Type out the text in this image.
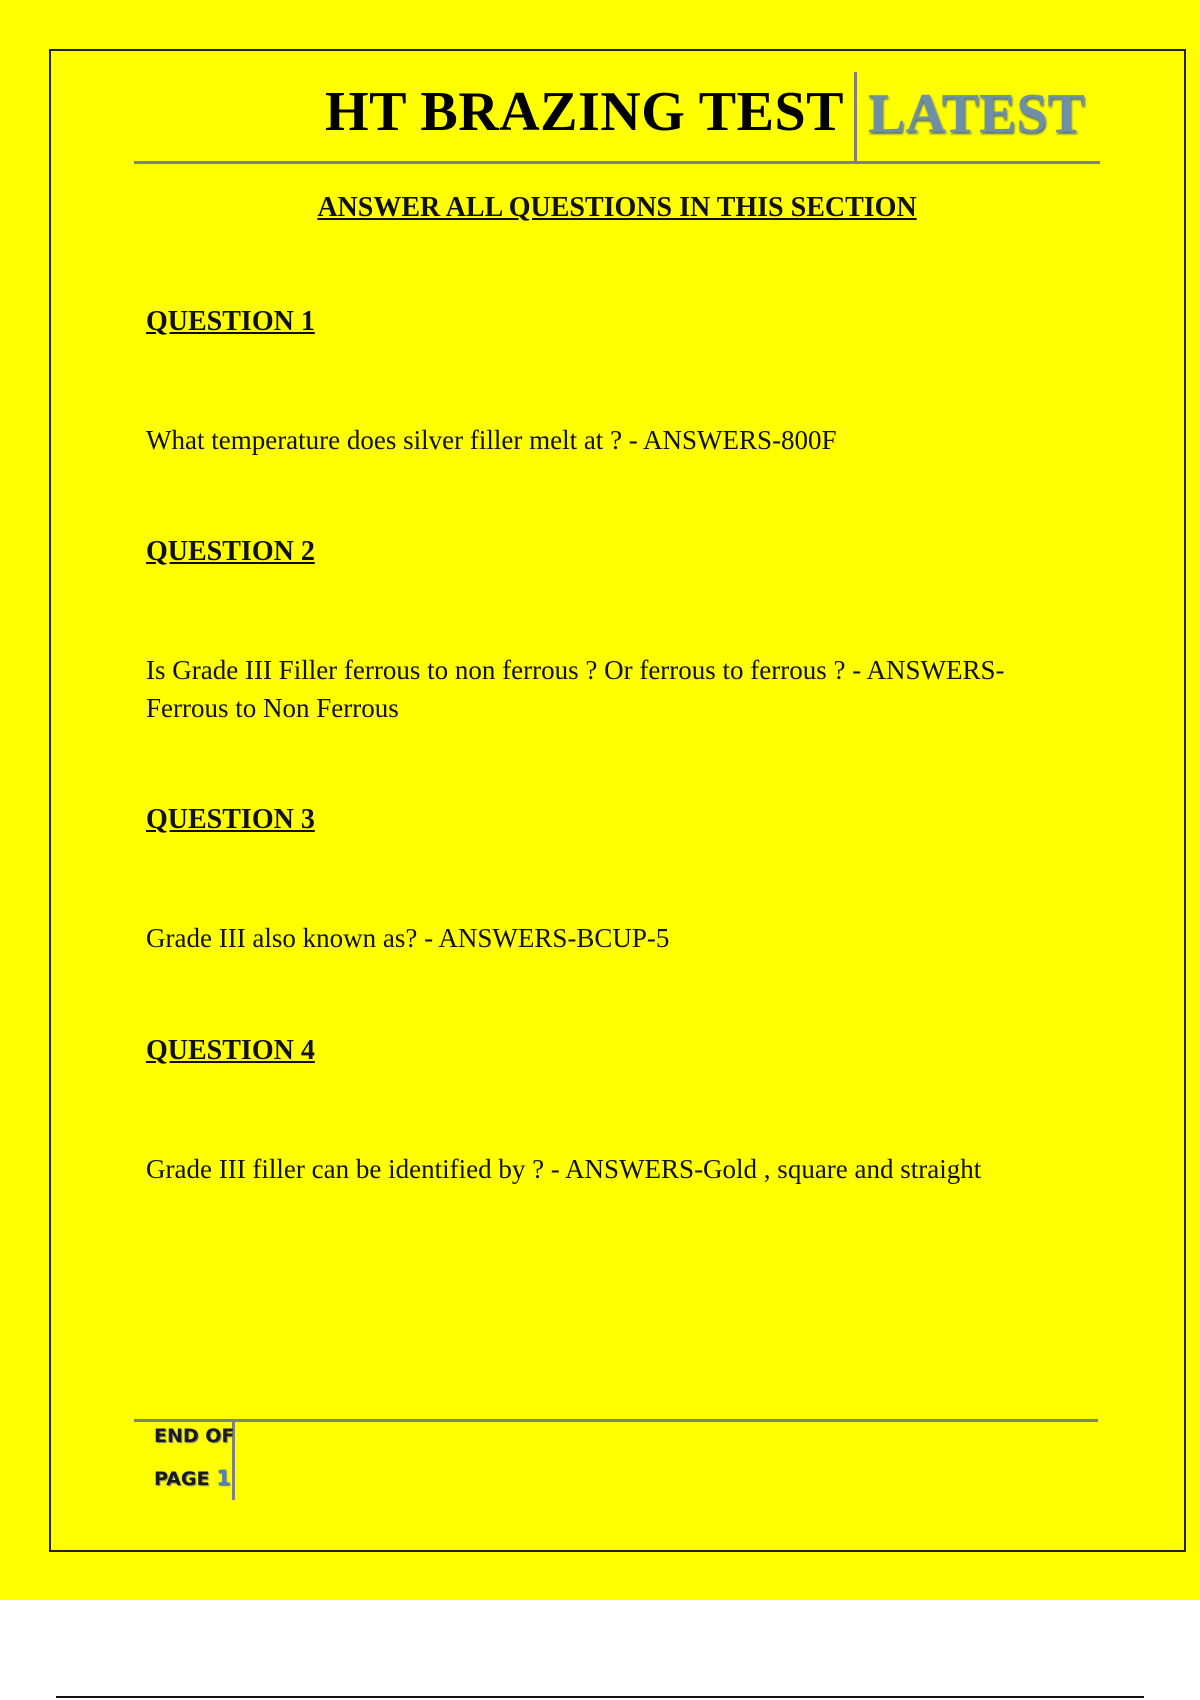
HT BRAZING TEST LATEST
ANSWER ALL QUESTIONS IN THIS SECTION
QUESTION 1
What temperature does silver filler melt at ? - ANSWERS-800F
QUESTION 2
Is Grade III Filler ferrous to non ferrous ? Or ferrous to ferrous ? - ANSWERS-Ferrous to Non Ferrous
QUESTION 3
Grade III also known as? - ANSWERS-BCUP-5
QUESTION 4
Grade III filler can be identified by ? - ANSWERS-Gold , square and straight
END OF
PAGE 1
